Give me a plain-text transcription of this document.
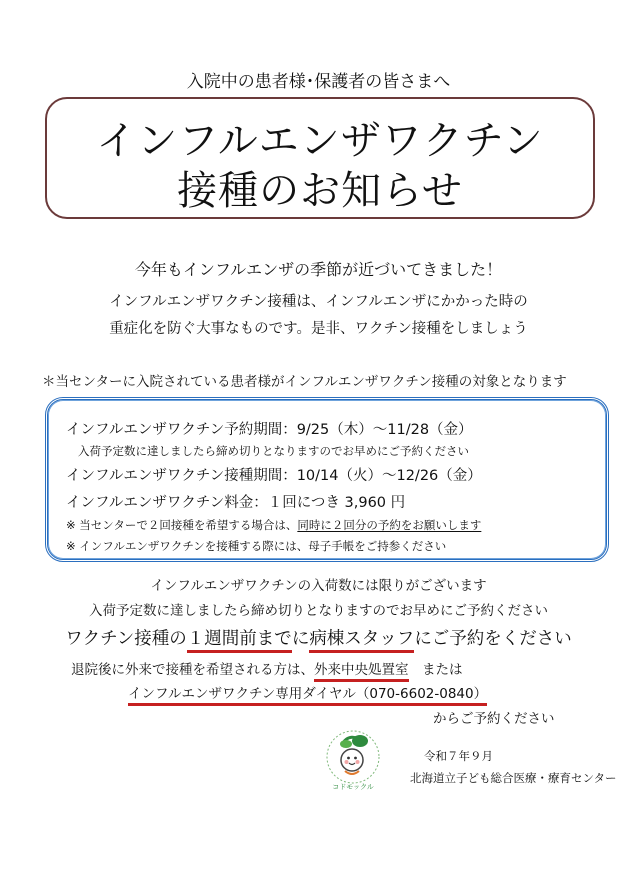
入院中の患者様･保護者の皆さまへ
インフルエンザワクチン
接種のお知らせ
今年もインフルエンザの季節が近づいてきました！
インフルエンザワクチン接種は、インフルエンザにかかった時の
重症化を防ぐ大事なものです。是非、ワクチン接種をしましょう
＊当センターに入院されている患者様がインフルエンザワクチン接種の対象となります
インフルエンザワクチン予約期間：9/25（木）～11/28（金）
入荷予定数に達しましたら締め切りとなりますのでお早めにご予約ください
インフルエンザワクチン接種期間：10/14（火）～12/26（金）
インフルエンザワクチン料金：１回につき 3,960 円
※ 当センターで２回接種を希望する場合は、同時に２回分の予約をお願いします
※ インフルエンザワクチンを接種する際には、母子手帳をご持参ください
インフルエンザワクチンの入荷数には限りがございます
入荷予定数に達しましたら締め切りとなりますのでお早めにご予約ください
ワクチン接種の１週間前までに病棟スタッフにご予約をください
退院後に外来で接種を希望される方は、外来中央処置室　または
インフルエンザワクチン専用ダイヤル（070-6602-0840）
からご予約ください
コドモックル
令和７年９月
北海道立子ども総合医療・療育センター
